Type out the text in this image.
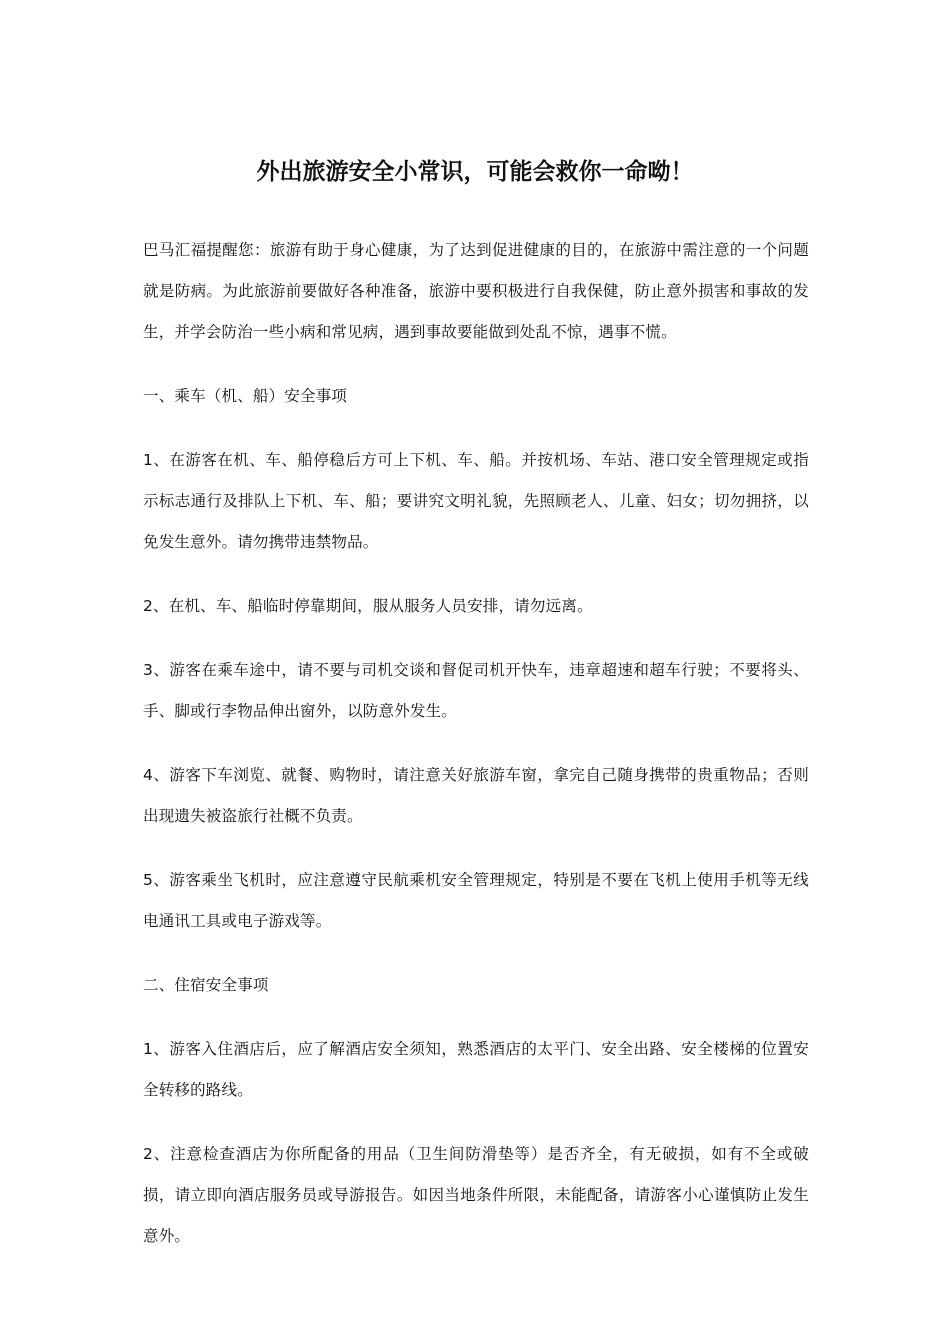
外出旅游安全小常识，可能会救你一命呦！

巴马汇福提醒您：旅游有助于身心健康，为了达到促进健康的目的，在旅游中需注意的一个问题就是防病。为此旅游前要做好各种准备，旅游中要积极进行自我保健，防止意外损害和事故的发生，并学会防治一些小病和常见病，遇到事故要能做到处乱不惊，遇事不慌。

一、乘车（机、船）安全事项

1、在游客在机、车、船停稳后方可上下机、车、船。并按机场、车站、港口安全管理规定或指示标志通行及排队上下机、车、船；要讲究文明礼貌，先照顾老人、儿童、妇女；切勿拥挤，以免发生意外。请勿携带违禁物品。

2、在机、车、船临时停靠期间，服从服务人员安排，请勿远离。

3、游客在乘车途中，请不要与司机交谈和督促司机开快车，违章超速和超车行驶；不要将头、手、脚或行李物品伸出窗外，以防意外发生。

4、游客下车浏览、就餐、购物时，请注意关好旅游车窗，拿完自己随身携带的贵重物品；否则出现遗失被盗旅行社概不负责。

5、游客乘坐飞机时，应注意遵守民航乘机安全管理规定，特别是不要在飞机上使用手机等无线电通讯工具或电子游戏等。

二、住宿安全事项

1、游客入住酒店后，应了解酒店安全须知，熟悉酒店的太平门、安全出路、安全楼梯的位置安全转移的路线。

2、注意检查酒店为你所配备的用品（卫生间防滑垫等）是否齐全，有无破损，如有不全或破损，请立即向酒店服务员或导游报告。如因当地条件所限，未能配备，请游客小心谨慎防止发生意外。
